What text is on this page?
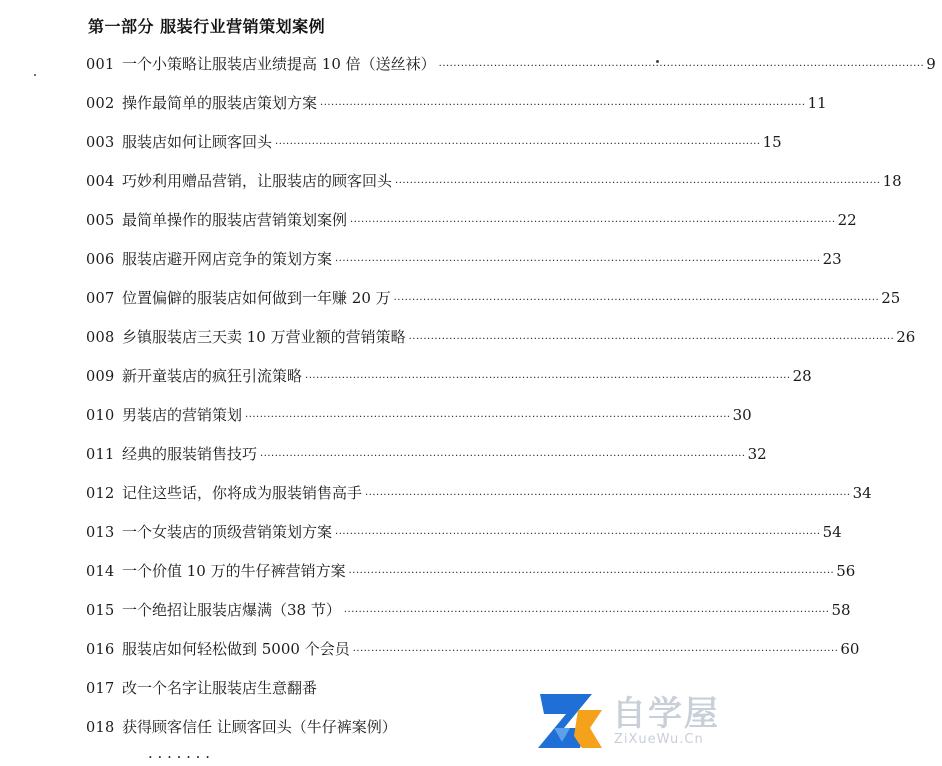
第一部分 服装行业营销策划案例
001 一个小策略让服装店业绩提高 10 倍（送丝袜） ·····	9
002 操作最简单的服装店策划方案 ·····	11
003 服装店如何让顾客回头 ·····	15
004 巧妙利用赠品营销，让服装店的顾客回头 ·····	18
005 最简单操作的服装店营销策划案例 ·····	22
006 服装店避开网店竞争的策划方案 ·····	23
007 位置偏僻的服装店如何做到一年赚 20 万 ·····	25
008 乡镇服装店三天卖 10 万营业额的营销策略 ·····	26
009 新开童装店的疯狂引流策略 ·····	28
010 男装店的营销策划 ·····	30
011 经典的服装销售技巧 ·····	32
012 记住这些话，你将成为服装销售高手 ·····	34
013 一个女装店的顶级营销策划方案 ·····	54
014 一个价值 10 万的牛仔裤营销方案 ·····	56
015 一个绝招让服装店爆满（38 节） ·····	58
016 服装店如何轻松做到 5000 个会员 ·····	60
017 改一个名字让服装店生意翻番
018 获得顾客信任 让顾客回头（牛仔裤案例）
· · · · · · ·
自学屋
ZiXueWu.Cn
